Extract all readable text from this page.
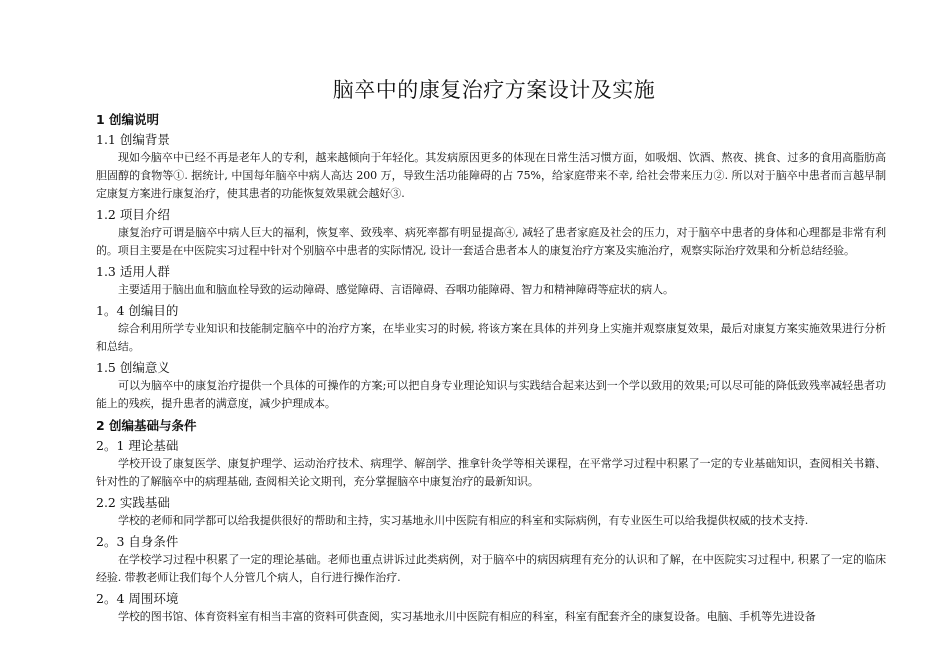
脑卒中的康复治疗方案设计及实施
1 创编说明
1.1 创编背景

现如今脑卒中已经不再是老年人的专利，越来越倾向于年轻化。其发病原因更多的体现在日常生活习惯方面，如吸烟、饮酒、熬夜、挑食、过多的食用高脂肪高胆固醇的食物等①. 据统计, 中国每年脑卒中病人高达 200 万，导致生活功能障碍的占 75%，给家庭带来不幸, 给社会带来压力②. 所以对于脑卒中患者而言越早制定康复方案进行康复治疗，使其患者的功能恢复效果就会越好③.

1.2 项目介绍

康复治疗可谓是脑卒中病人巨大的福利，恢复率、致残率、病死率都有明显提高④, 减轻了患者家庭及社会的压力，对于脑卒中患者的身体和心理都是非常有利的。项目主要是在中医院实习过程中针对个别脑卒中患者的实际情况, 设计一套适合患者本人的康复治疗方案及实施治疗，观察实际治疗效果和分析总结经验。

1.3 适用人群

主要适用于脑出血和脑血栓导致的运动障碍、感觉障碍、言语障碍、吞咽功能障碍、智力和精神障碍等症状的病人。

1。4 创编目的

综合利用所学专业知识和技能制定脑卒中的治疗方案，在毕业实习的时候, 将该方案在具体的并列身上实施并观察康复效果，最后对康复方案实施效果进行分析和总结。

1.5 创编意义

可以为脑卒中的康复治疗提供一个具体的可操作的方案;可以把自身专业理论知识与实践结合起来达到一个学以致用的效果;可以尽可能的降低致残率减轻患者功能上的残疾，提升患者的满意度，减少护理成本。

2 创编基础与条件
2。1 理论基础

学校开设了康复医学、康复护理学、运动治疗技术、病理学、解剖学、推拿针灸学等相关课程，在平常学习过程中积累了一定的专业基础知识，查阅相关书籍、针对性的了解脑卒中的病理基础, 查阅相关论文期刊，充分掌握脑卒中康复治疗的最新知识。

2.2 实践基础

学校的老师和同学都可以给我提供很好的帮助和主持，实习基地永川中医院有相应的科室和实际病例，有专业医生可以给我提供权威的技术支持.

2。3 自身条件

在学校学习过程中积累了一定的理论基础。老师也重点讲诉过此类病例，对于脑卒中的病因病理有充分的认识和了解，在中医院实习过程中, 积累了一定的临床经验. 带教老师让我们每个人分管几个病人，自行进行操作治疗.

2。4 周围环境

学校的图书馆、体育资料室有相当丰富的资料可供查阅，实习基地永川中医院有相应的科室，科室有配套齐全的康复设备。电脑、手机等先进设备
